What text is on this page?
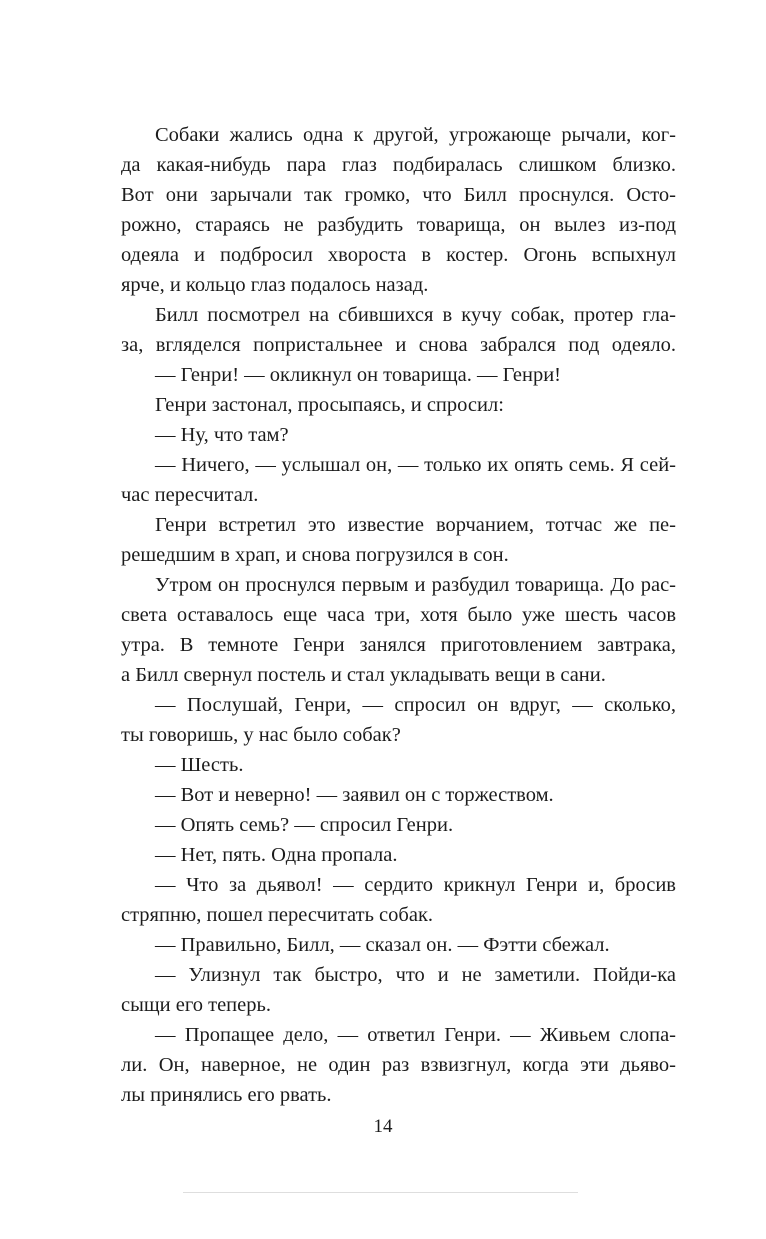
Собаки жались одна к другой, угрожающе рычали, ког-
да какая-нибудь пара глаз подбиралась слишком близко.
Вот они зарычали так громко, что Билл проснулся. Осто-
рожно, стараясь не разбудить товарища, он вылез из-под
одеяла и подбросил хвороста в костер. Огонь вспыхнул
ярче, и кольцо глаз подалось назад.
Билл посмотрел на сбившихся в кучу собак, протер гла-
за, вгляделся попристальнее и снова забрался под одеяло.
— Генри! — окликнул он товарища. — Генри!
Генри застонал, просыпаясь, и спросил:
— Ну, что там?
— Ничего, — услышал он, — только их опять семь. Я сей-
час пересчитал.
Генри встретил это известие ворчанием, тотчас же пе-
решедшим в храп, и снова погрузился в сон.
Утром он проснулся первым и разбудил товарища. До рас-
света оставалось еще часа три, хотя было уже шесть часов
утра. В темноте Генри занялся приготовлением завтрака,
а Билл свернул постель и стал укладывать вещи в сани.
— Послушай, Генри, — спросил он вдруг, — сколько,
ты говоришь, у нас было собак?
— Шесть.
— Вот и неверно! — заявил он с торжеством.
— Опять семь? — спросил Генри.
— Нет, пять. Одна пропала.
— Что за дьявол! — сердито крикнул Генри и, бросив
стряпню, пошел пересчитать собак.
— Правильно, Билл, — сказал он. — Фэтти сбежал.
— Улизнул так быстро, что и не заметили. Пойди-ка
сыщи его теперь.
— Пропащее дело, — ответил Генри. — Живьем слопа-
ли. Он, наверное, не один раз взвизгнул, когда эти дьяво-
лы принялись его рвать.
14
